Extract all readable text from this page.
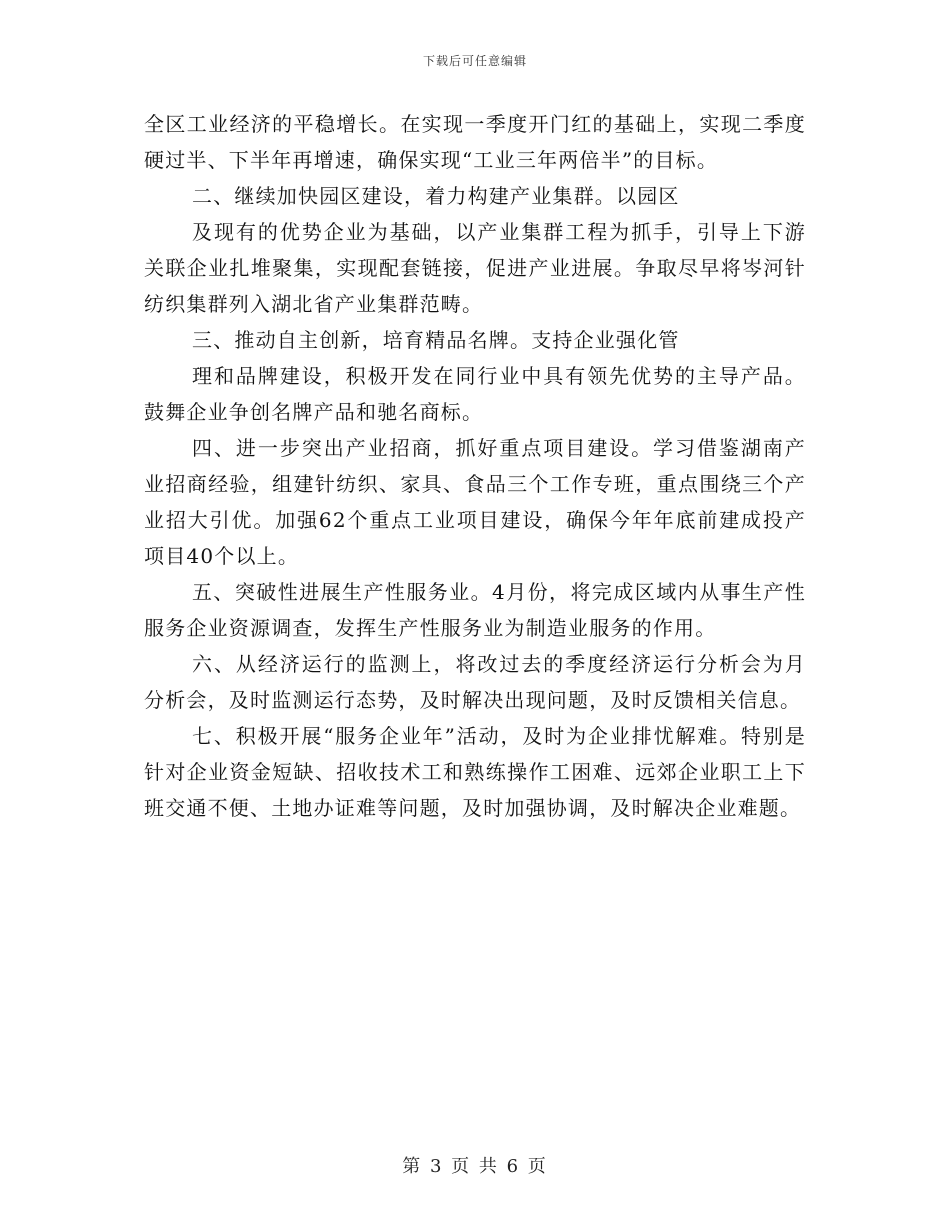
下载后可任意编辑

全区工业经济的平稳增长。在实现一季度开门红的基础上，实现二季度硬过半、下半年再增速，确保实现“工业三年两倍半”的目标。

二、继续加快园区建设，着力构建产业集群。以园区

及现有的优势企业为基础，以产业集群工程为抓手，引导上下游关联企业扎堆聚集，实现配套链接，促进产业进展。争取尽早将岑河针纺织集群列入湖北省产业集群范畴。

三、推动自主创新，培育精品名牌。支持企业强化管

理和品牌建设，积极开发在同行业中具有领先优势的主导产品。鼓舞企业争创名牌产品和驰名商标。

四、进一步突出产业招商，抓好重点项目建设。学习借鉴湖南产业招商经验，组建针纺织、家具、食品三个工作专班，重点围绕三个产业招大引优。加强62个重点工业项目建设，确保今年年底前建成投产项目40个以上。

五、突破性进展生产性服务业。4月份，将完成区域内从事生产性服务企业资源调查，发挥生产性服务业为制造业服务的作用。

六、从经济运行的监测上，将改过去的季度经济运行分析会为月分析会，及时监测运行态势，及时解决出现问题，及时反馈相关信息。

七、积极开展“服务企业年”活动，及时为企业排忧解难。特别是针对企业资金短缺、招收技术工和熟练操作工困难、远郊企业职工上下班交通不便、土地办证难等问题，及时加强协调，及时解决企业难题。

第 3 页 共 6 页
